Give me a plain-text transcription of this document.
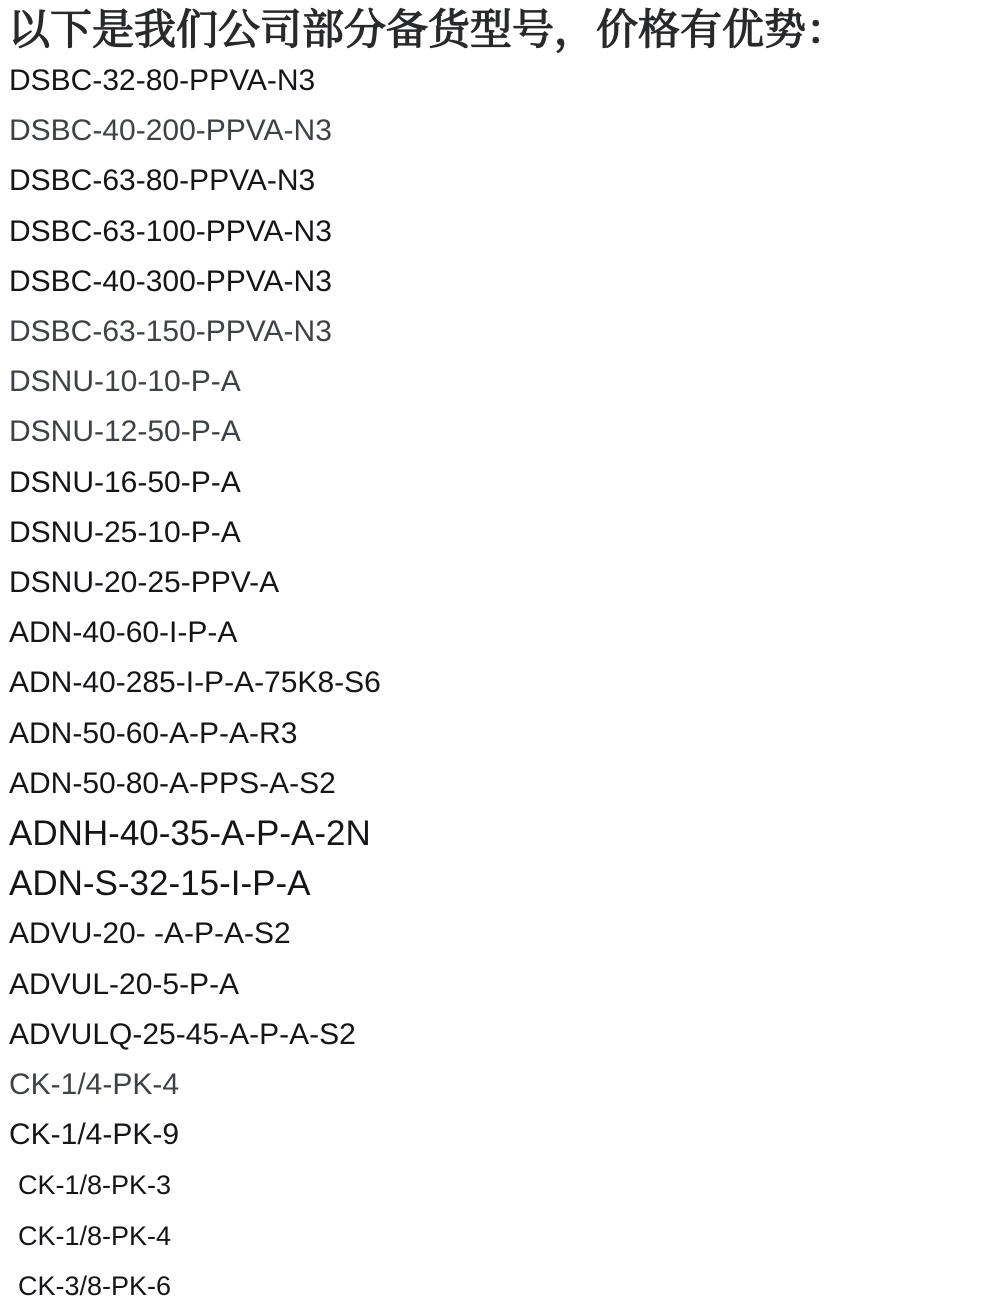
以下是我们公司部分备货型号，价格有优势：
DSBC-32-80-PPVA-N3
DSBC-40-200-PPVA-N3
DSBC-63-80-PPVA-N3
DSBC-63-100-PPVA-N3
DSBC-40-300-PPVA-N3
DSBC-63-150-PPVA-N3
DSNU-10-10-P-A
DSNU-12-50-P-A
DSNU-16-50-P-A
DSNU-25-10-P-A
DSNU-20-25-PPV-A
ADN-40-60-I-P-A
ADN-40-285-I-P-A-75K8-S6
ADN-50-60-A-P-A-R3
ADN-50-80-A-PPS-A-S2
ADNH-40-35-A-P-A-2N
ADN-S-32-15-I-P-A
ADVU-20- -A-P-A-S2
ADVUL-20-5-P-A
ADVULQ-25-45-A-P-A-S2
CK-1/4-PK-4
CK-1/4-PK-9
CK-1/8-PK-3
CK-1/8-PK-4
CK-3/8-PK-6
